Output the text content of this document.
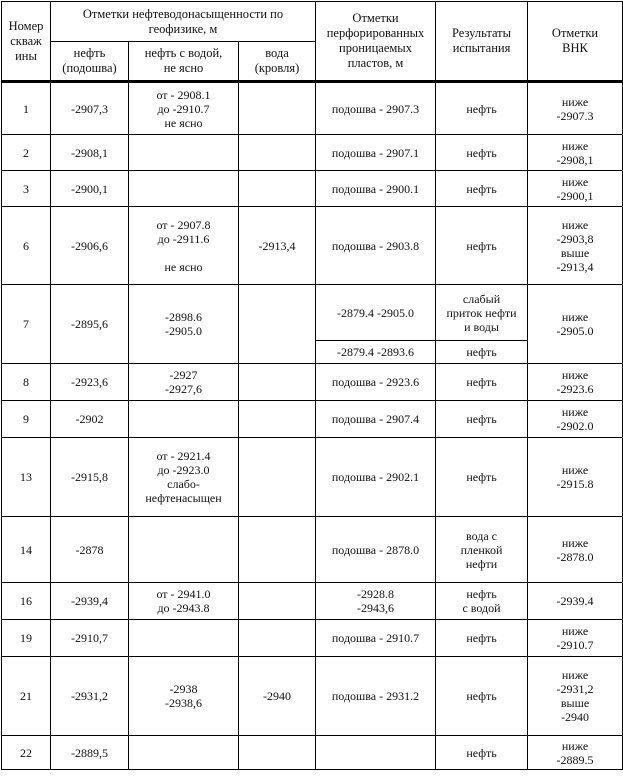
Номер
скваж
ины	Отметки нефтеводонасыщенности по
геофизике, м			Отметки
перфорированных
проницаемых
пластов, м	Результаты
испытания	Отметки
ВНК
	нефть
(подошва)	нефть с водой,
не ясно	вода
(кровля)			
1	-2907,3	от - 2908.1
до -2910.7
не ясно		подошва - 2907.3	нефть	ниже
-2907.3
2	-2908,1			подошва - 2907.1	нефть	ниже
-2908,1
3	-2900,1			подошва - 2900.1	нефть	ниже
-2900,1
6	-2906,6	от - 2907.8
до -2911.6

не ясно	-2913,4	подошва - 2903.8	нефть	ниже
-2903,8
выше
-2913,4
7	-2895,6	-2898.6
-2905.0		-2879.4 -2905.0	слабый
приток нефти
и воды	ниже
-2905.0
				-2879.4 -2893.6	нефть	
8	-2923,6	-2927
-2927,6		подошва - 2923.6	нефть	ниже
-2923.6
9	-2902			подошва - 2907.4	нефть	ниже
-2902.0
13	-2915,8	от - 2921.4
до -2923.0
слабо-
нефтенасыщен		подошва - 2902.1	нефть	ниже
-2915.8
14	-2878			подошва - 2878.0	вода с
пленкой
нефти	ниже
-2878.0
16	-2939,4	от - 2941.0
до -2943.8		-2928.8
-2943,6	нефть
с водой	-2939.4
19	-2910,7			подошва - 2910.7	нефть	ниже
-2910.7
21	-2931,2	-2938
-2938,6	-2940	подошва - 2931.2	нефть	ниже
-2931,2
выше
-2940
22	-2889,5				нефть	ниже
-2889.5
